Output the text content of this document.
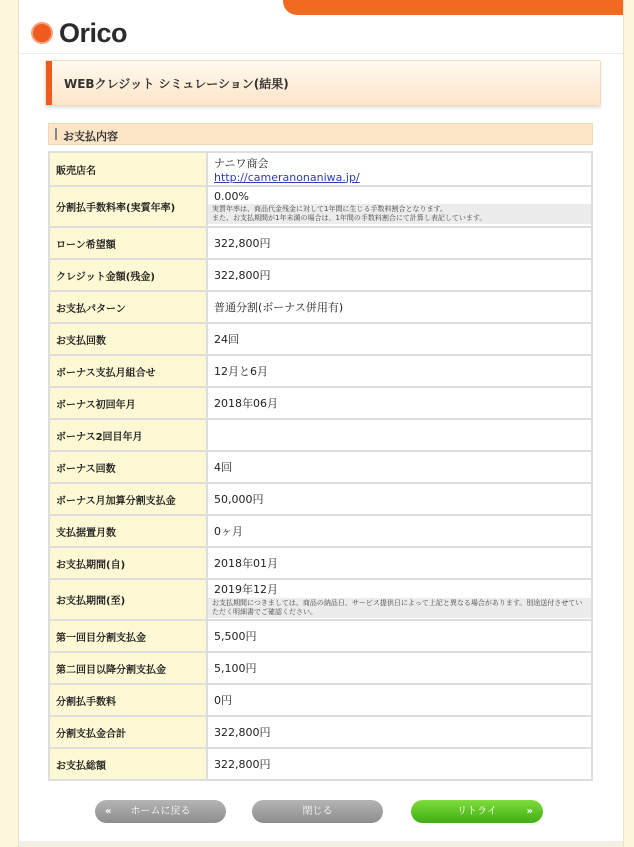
Orico
WEBクレジット シミュレーション(結果)
お支払内容
販売店名	ナニワ商会
http://cameranonaniwa.jp/
分割払手数料率(実質年率)	0.00%
実質年率は、商品代金残金に対して1年間に生じる手数料割合となります。
また、お支払期間が1年未満の場合は、1年間の手数料割合にて計算し表記しています。

ローン希望額	322,800円
クレジット金額(残金)	322,800円
お支払パターン	普通分割(ボーナス併用有)
お支払回数	24回
ボーナス支払月組合せ	12月と6月
ボーナス初回年月	2018年06月
ボーナス2回目年月	
ボーナス回数	4回
ボーナス月加算分割支払金	50,000円
支払据置月数	0ヶ月
お支払期間(自)	2018年01月
お支払期間(至)	2019年12月
お支払期間につきましては、商品の納品日、サービス提供日によって上記と異なる場合があります。別途送付させていただく明細書でご確認ください。

第一回目分割支払金	5,500円
第二回目以降分割支払金	5,100円
分割払手数料	0円
分割支払金合計	322,800円
お支払総額	322,800円
« ホームに戻る	閉じる	リトライ	»
